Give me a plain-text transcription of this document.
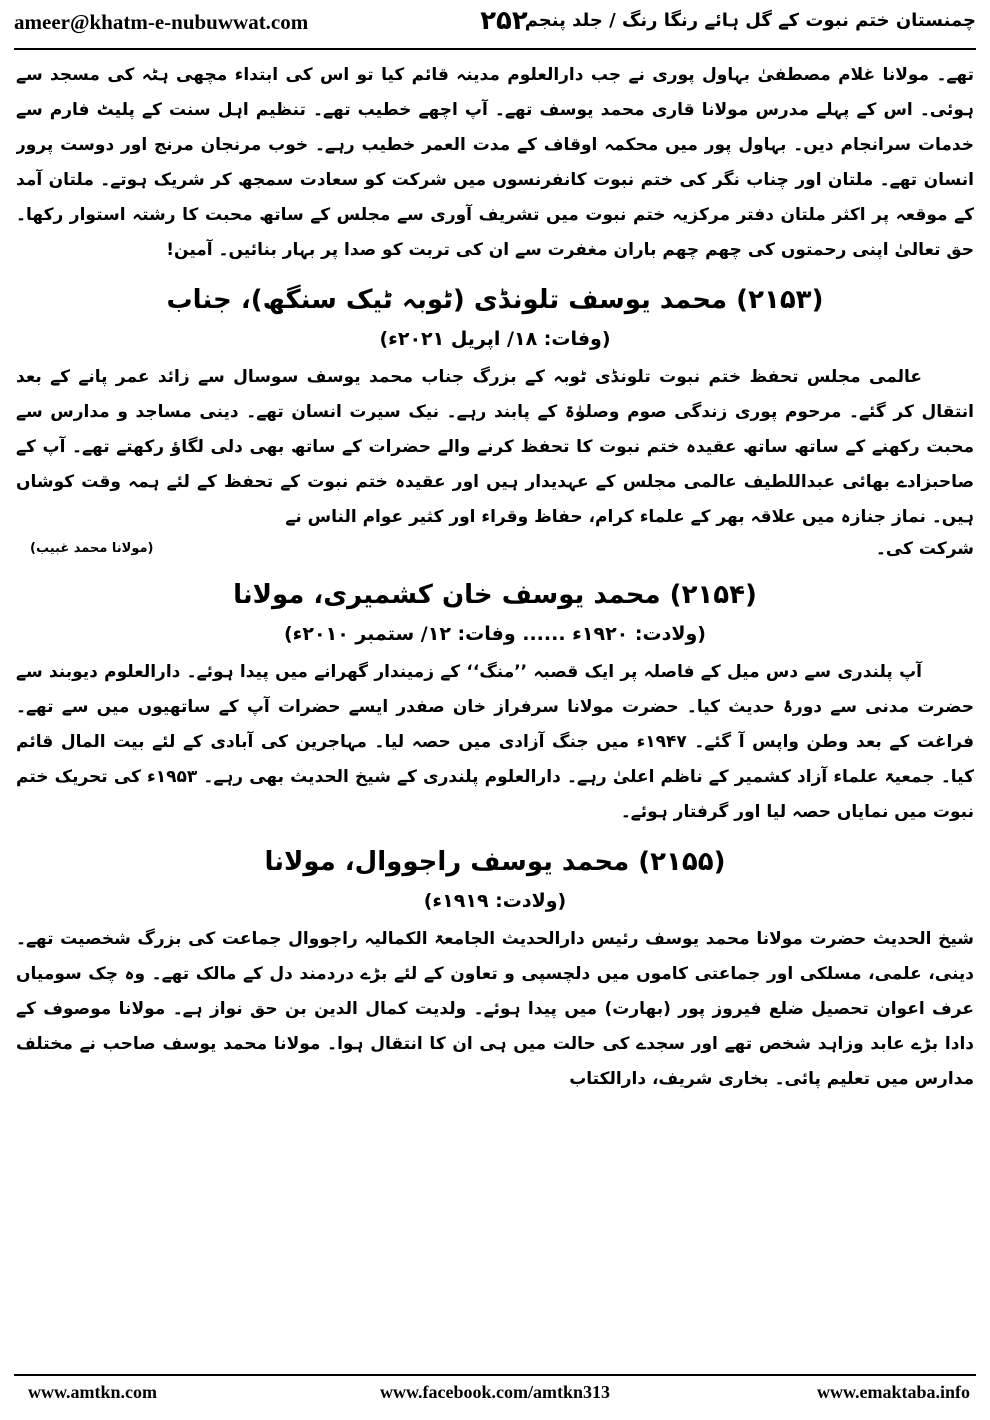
ameer@khatm-e-nubuwwat.com	۲۵۲
چمنستان ختم نبوت کے گل ہائے رنگا رنگ / جلد پنجم

تھے۔ مولانا غلام مصطفیٰ بہاول پوری نے جب دارالعلوم مدینہ قائم کیا تو اس کی ابتداء مچھی ہٹہ کی مسجد سے ہوئی۔ اس کے پہلے مدرس مولانا قاری محمد یوسف تھے۔ آپ اچھے خطیب تھے۔ تنظیم اہل سنت کے پلیٹ فارم سے خدمات سرانجام دیں۔ بہاول پور میں محکمہ اوقاف کے مدت العمر خطیب رہے۔ خوب مرنجان مرنج اور دوست پرور انسان تھے۔ ملتان اور چناب نگر کی ختم نبوت کانفرنسوں میں شرکت کو سعادت سمجھ کر شریک ہوتے۔ ملتان آمد کے موقعہ پر اکثر ملتان دفتر مرکزیہ ختم نبوت میں تشریف آوری سے مجلس کے ساتھ محبت کا رشتہ استوار رکھا۔ حق تعالیٰ اپنی رحمتوں کی چھم چھم باران مغفرت سے ان کی تربت کو صدا پر بہار بنائیں۔ آمین!

(۲۱۵۳) محمد یوسف تلونڈی (ٹوبہ ٹیک سنگھ)، جناب
(وفات: ۱۸/ اپریل ۲۰۲۱ء)

عالمی مجلس تحفظ ختم نبوت تلونڈی ٹوبہ کے بزرگ جناب محمد یوسف سوسال سے زائد عمر پانے کے بعد انتقال کر گئے۔ مرحوم پوری زندگی صوم وصلوٰۃ کے پابند رہے۔ نیک سیرت انسان تھے۔ دینی مساجد و مدارس سے محبت رکھنے کے ساتھ ساتھ عقیدہ ختم نبوت کا تحفظ کرنے والے حضرات کے ساتھ بھی دلی لگاؤ رکھتے تھے۔ آپ کے صاحبزادے بھائی عبداللطیف عالمی مجلس کے عہدیدار ہیں اور عقیدہ ختم نبوت کے تحفظ کے لئے ہمہ وقت کوشاں ہیں۔ نماز جنازہ میں علاقہ بھر کے علماء کرام، حفاظ وقراء اور کثیر عوام الناس نے

شرکت کی۔
(مولانا محمد غبیب)
(۲۱۵۴) محمد یوسف خان کشمیری، مولانا
(ولادت: ۱۹۲۰ء ...... وفات: ۱۲/ ستمبر ۲۰۱۰ء)

آپ پلندری سے دس میل کے فاصلہ پر ایک قصبہ ’’منگ‘‘ کے زمیندار گھرانے میں پیدا ہوئے۔ دارالعلوم دیوبند سے حضرت مدنی سے دورۂ حدیث کیا۔ حضرت مولانا سرفراز خان صفدر ایسے حضرات آپ کے ساتھیوں میں سے تھے۔ فراغت کے بعد وطن واپس آ گئے۔ ۱۹۴۷ء میں جنگ آزادی میں حصہ لیا۔ مہاجرین کی آبادی کے لئے بیت المال قائم کیا۔ جمعیۃ علماء آزاد کشمیر کے ناظم اعلیٰ رہے۔ دارالعلوم پلندری کے شیخ الحدیث بھی رہے۔ ۱۹۵۳ء کی تحریک ختم نبوت میں نمایاں حصہ لیا اور گرفتار ہوئے۔

(۲۱۵۵) محمد یوسف راجووال، مولانا
(ولادت: ۱۹۱۹ء)

شیخ الحدیث حضرت مولانا محمد یوسف رئیس دارالحدیث الجامعۃ الکمالیہ راجووال جماعت کی بزرگ شخصیت تھے۔ دینی، علمی، مسلکی اور جماعتی کاموں میں دلچسپی و تعاون کے لئے بڑے دردمند دل کے مالک تھے۔ وہ چک سومیاں عرف اعوان تحصیل ضلع فیروز پور (بھارت) میں پیدا ہوئے۔ ولدیت کمال الدین بن حق نواز ہے۔ مولانا موصوف کے دادا بڑے عابد وزاہد شخص تھے اور سجدے کی حالت میں ہی ان کا انتقال ہوا۔ مولانا محمد یوسف صاحب نے مختلف مدارس میں تعلیم پائی۔ بخاری شریف، دارالکتاب

www.amtkn.com	www.facebook.com/amtkn313	www.emaktaba.info
